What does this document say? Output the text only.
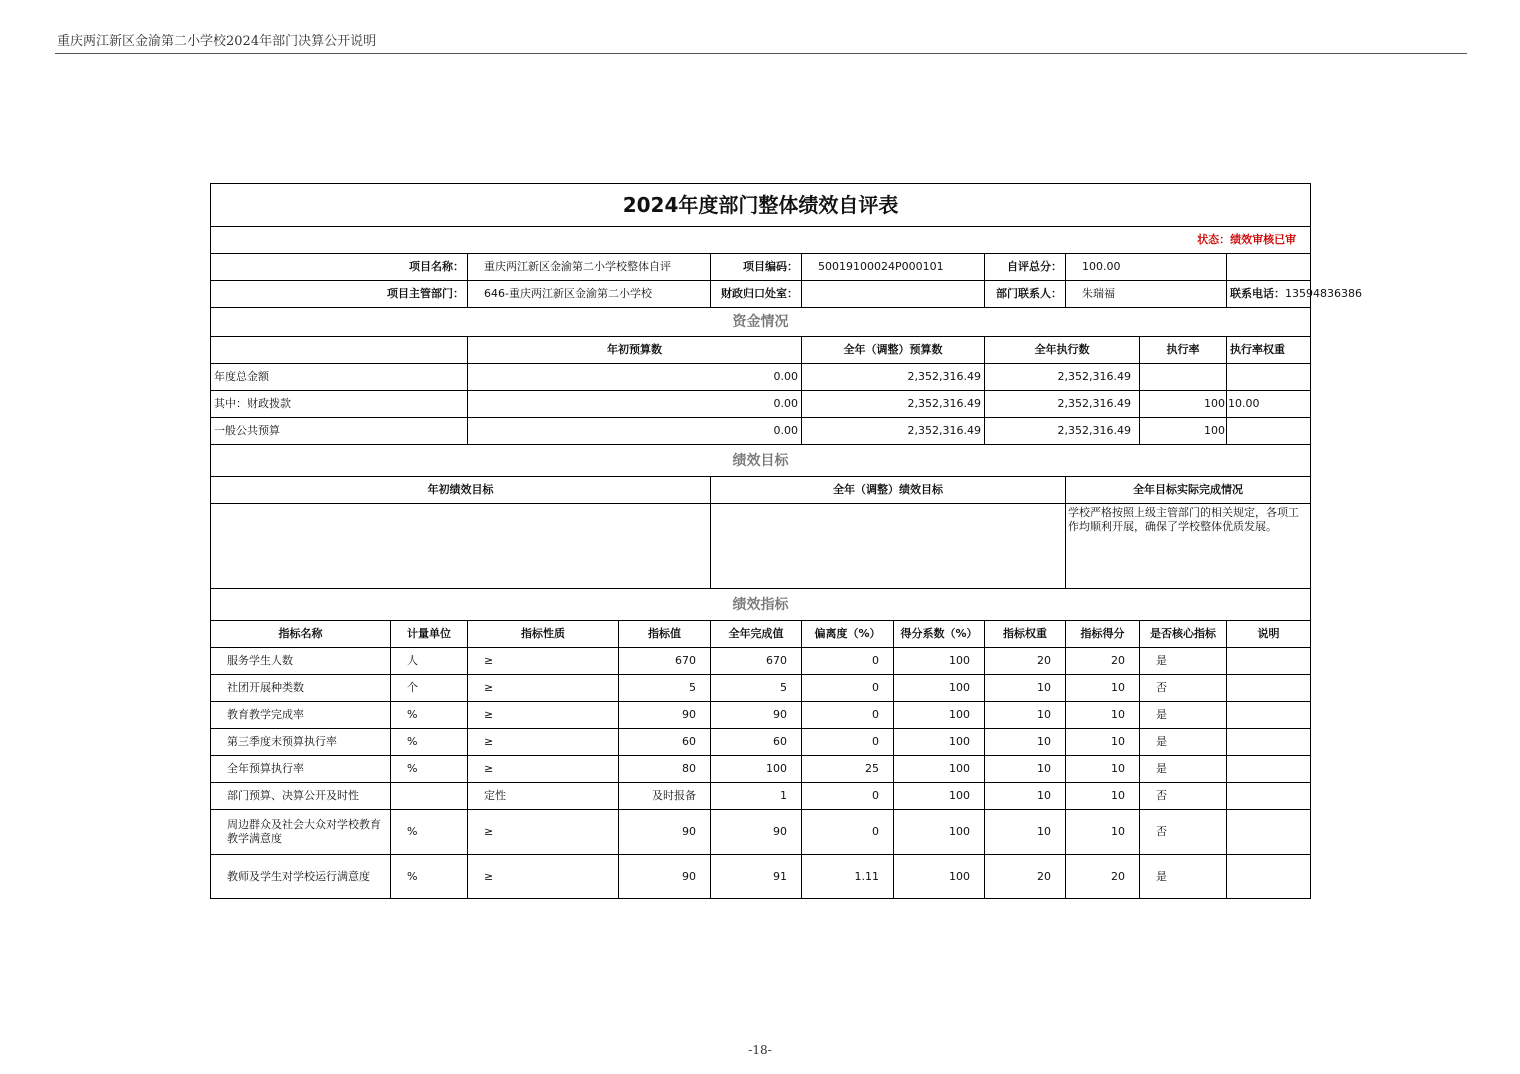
重庆两江新区金渝第二小学校2024年部门决算公开说明
2024年度部门整体绩效自评表											
状态：绩效审核已审											
项目名称：		重庆两江新区金渝第二小学校整体自评		项目编码：	50019100024P000101		自评总分：	100.00			
项目主管部门：		646-重庆两江新区金渝第二小学校		财政归口处室：			部门联系人：	朱瑞福		联系电话：13594836386	
资金情况											
		年初预算数			全年（调整）预算数		全年执行数		执行率	执行率权重	
年度总金额		0.00			2,352,316.49		2,352,316.49				
其中：财政拨款		0.00			2,352,316.49		2,352,316.49		100	10.00	
一般公共预算		0.00			2,352,316.49		2,352,316.49		100		
绩效目标											
年初绩效目标				全年（调整）绩效目标				全年目标实际完成情况			
								学校严格按照上级主管部门的相关规定，各项工作均顺利开展，确保了学校整体优质发展。			
绩效指标											
指标名称	计量单位	指标性质	指标值	全年完成值	偏离度（%）	得分系数（%）	指标权重	指标得分	是否核心指标	说明	
服务学生人数	人	≥	670	670	0	100	20	20	是		
社团开展种类数	个	≥	5	5	0	100	10	10	否		
教育教学完成率	%	≥	90	90	0	100	10	10	是		
第三季度末预算执行率	%	≥	60	60	0	100	10	10	是		
全年预算执行率	%	≥	80	100	25	100	10	10	是		
部门预算、决算公开及时性		定性	及时报备	1	0	100	10	10	否		
周边群众及社会大众对学校教育教学满意度	%	≥	90	90	0	100	10	10	否		
教师及学生对学校运行满意度	%	≥	90	91	1.11	100	20	20	是		
-18-
